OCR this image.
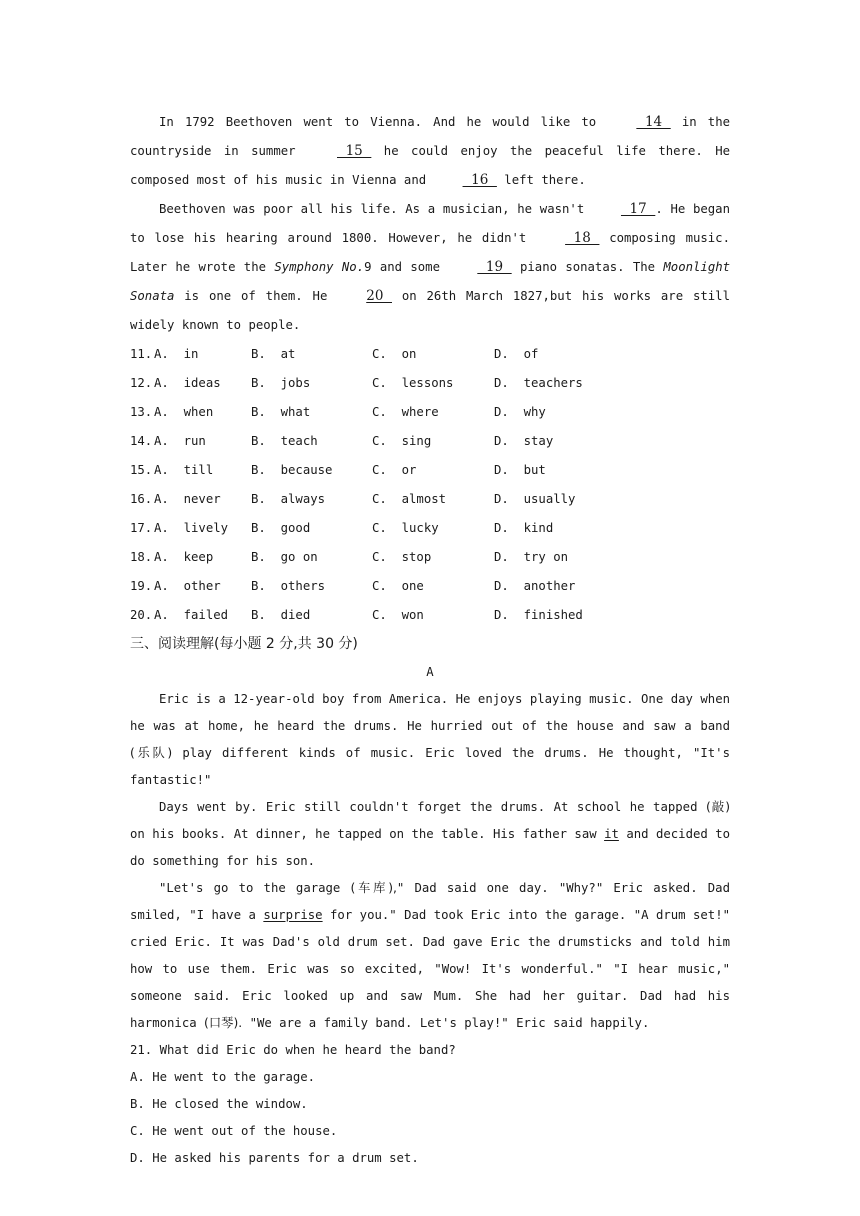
In 1792 Beethoven went to Vienna. And he would like to	14   in the countryside in summer	15   he could enjoy the peaceful life there. He composed most of his music in Vienna and	16   left there.

Beethoven was poor all his life. As a musician, he wasn't	17  . He began to lose his hearing around 1800. However, he didn't	18   composing music. Later he wrote the Symphony No.9 and some	19   piano sonatas. The Moonlight Sonata is one of them. He	20   on 26th March 1827,but his works are still widely known to people.

11. A.  in	B.  at	C.  on	D.  of
12. A.  ideas	B.  jobs	C.  lessons	D.  teachers
13. A.  when	B.  what	C.  where	D.  why
14. A.  run	B.  teach	C.  sing	D.  stay
15. A.  till	B.  because	C.  or	D.  but
16. A.  never	B.  always	C.  almost	D.  usually
17. A.  lively	B.  good	C.  lucky	D.  kind
18. A.  keep	B.  go on	C.  stop	D.  try on
19. A.  other	B.  others	C.  one	D.  another
20. A.  failed	B.  died	C.  won	D.  finished
三、阅读理解(每小题 2 分,共 30 分)
A

Eric is a 12-year-old boy from America. He enjoys playing music. One day when he was at home, he heard the drums. He hurried out of the house and saw a band (乐队) play different kinds of music. Eric loved the drums. He thought, "It's fantastic!"

Days went by. Eric still couldn't forget the drums. At school he tapped (敲) on his books. At dinner, he tapped on the table. His father saw it and decided to do something for his son.

"Let's go to the garage (车库)," Dad said one day. "Why?" Eric asked. Dad smiled, "I have a surprise for you." Dad took Eric into the garage. "A drum set!" cried Eric. It was Dad's old drum set. Dad gave Eric the drumsticks and told him how to use them. Eric was so excited, "Wow! It's wonderful." "I hear music," someone said. Eric looked up and saw Mum. She had her guitar. Dad had his harmonica (口琴). "We are a family band. Let's play!" Eric said happily.

21. What did Eric do when he heard the band?
A. He went to the garage.
B. He closed the window.
C. He went out of the house.
D. He asked his parents for a drum set.
